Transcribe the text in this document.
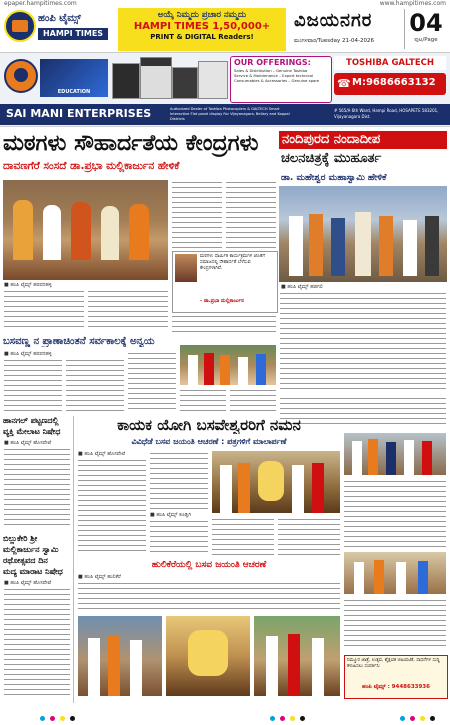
epaper.hampitimes.com	www.hampitimes.com
ಹಂಪಿ ಟೈಮ್ಸ್
HAMPI TIMES
ಅಯ್ಕೆ ನಿಮ್ಮದು ಪ್ರಚಾರ ನಮ್ಮದು
HAMPI TIMES 1,50,000+
PRINT & DIGITAL Readers!
ವಿಜಯನಗರ
ಮಂಗಳವಾರ/Tuesday 21-04-2026
04
ಪುಟ/Page
EDUCATION
OUR OFFERINGS:
Sales & Distribution – Genuine Toshiba
Service & Maintenance – Expert technical
Consumables & Accessories – Genuine spare
TOSHIBA GALTECH
☎ M:9686663132
SAI MANI ENTERPRISES	Authorized Dealer of Toshiba Photocopiers & GALTECH Smart Interactive Flat panel display For Vijayanagara, Bellary and Koppal Districts
# 565/A 6th Ward, Hampi Road, HOSAPETE 583201, Vijayanagara Dist.
ಮಠಗಳು ಸೌಹಾರ್ದತೆಯ ಕೇಂದ್ರಗಳು
ದಾವಣಗೆರೆ ಸಂಸದೆ ಡಾ.ಪ್ರಭಾ ಮಲ್ಲಿಕಾರ್ಜುನ ಹೇಳಿಕೆ
■ ಹಂಪಿ ಟೈಮ್ಸ್ ಹರಪನಹಳ್ಳಿ
ಮಠಗಳು ಧಾರ್ಮಿಕ ಕಾರ್ಯಕ್ರಮಗಳ ಜೊತೆಗೆ ಸಮಾಜದಲ್ಲಿ ಸೌಹಾರ್ದತೆ ಬೆಳೆಸುವ ಕೇಂದ್ರಗಳಾಗಿವೆ.
- ಡಾ.ಪ್ರಭಾ ಮಲ್ಲಿಕಾರ್ಜುನ
ನಂದಿಪುರದ ನಂದಾದೀಪ
ಚಲನಚಿತ್ರಕ್ಕೆ ಮುಹೂರ್ತ
ಡಾ. ಮಹೇಶ್ವರ ಮಹಾಸ್ವಾಮಿ ಹೇಳಿಕೆ
■ ಹಂಪಿ ಟೈಮ್ಸ್ ಹಡಗಲಿ
ಬಸವಣ್ಣ ನ ಪ್ರಾಣಾಚಿಂತನೆ ಸರ್ವಕಾಲಕ್ಕೆ ಅನ್ವಯ
■ ಹಂಪಿ ಟೈಮ್ಸ್ ಹರಪನಹಳ್ಳಿ
ಹಾನಗಲ್ ಪಟ್ಟಣದಲ್ಲಿ
ವ್ಯಕ್ತಿ ಮೇಲಾಟ ನಿಷೇಧ
■ ಹಂಪಿ ಟೈಮ್ಸ್ ಹೊಸಪೇಟೆ
ಬಿಲ್ಲುಕೇರಿ ಶ್ರೀ
ಮಲ್ಲಿಕಾರ್ಜುನ ಸ್ವಾಮಿ
ರಥೋತ್ಸವದ ದಿನ
ಮದ್ಯ ಮಾರಾಟ ನಿಷೇಧ
■ ಹಂಪಿ ಟೈಮ್ಸ್ ಹೊಸಪೇಟೆ
ಕಾಯಕ ಯೋಗಿ ಬಸವೇಶ್ವರರಿಗೆ ನಮನ
ವಿವಿಧೆಡೆ ಬಸವ ಜಯಂತಿ ಆಚರಣೆ : ಪತ್ರಗಳಿಗೆ ಮಾಲಾರ್ಪಣೆ
■ ಹಂಪಿ ಟೈಮ್ಸ್ ಹೊಸಪೇಟೆ
■ ಹಂಪಿ ಟೈಮ್ಸ್ ಕೂಡ್ಲಿಗಿ
ಹುಲಿಕೆರೆಯಲ್ಲಿ ಬಸವ ಜಯಂತಿ ಆಚರಣೆ
■ ಹಂಪಿ ಟೈಮ್ಸ್ ಹುಲಿಕೆರೆ
ನಿಮ್ಮೂರ ಜಾತ್ರೆ, ಉತ್ಸವ, ಶೈಕ್ಷಣಿಕ ಚಟುವಟಿಕೆ, ಸಾಧನೆಗಳ ಸುದ್ದಿ ಕಳುಹಿಸಲು ಸಂಪರ್ಕಿಸಿ:
ಹಂಪಿ ಟೈಮ್ಸ್ : 9448633936
